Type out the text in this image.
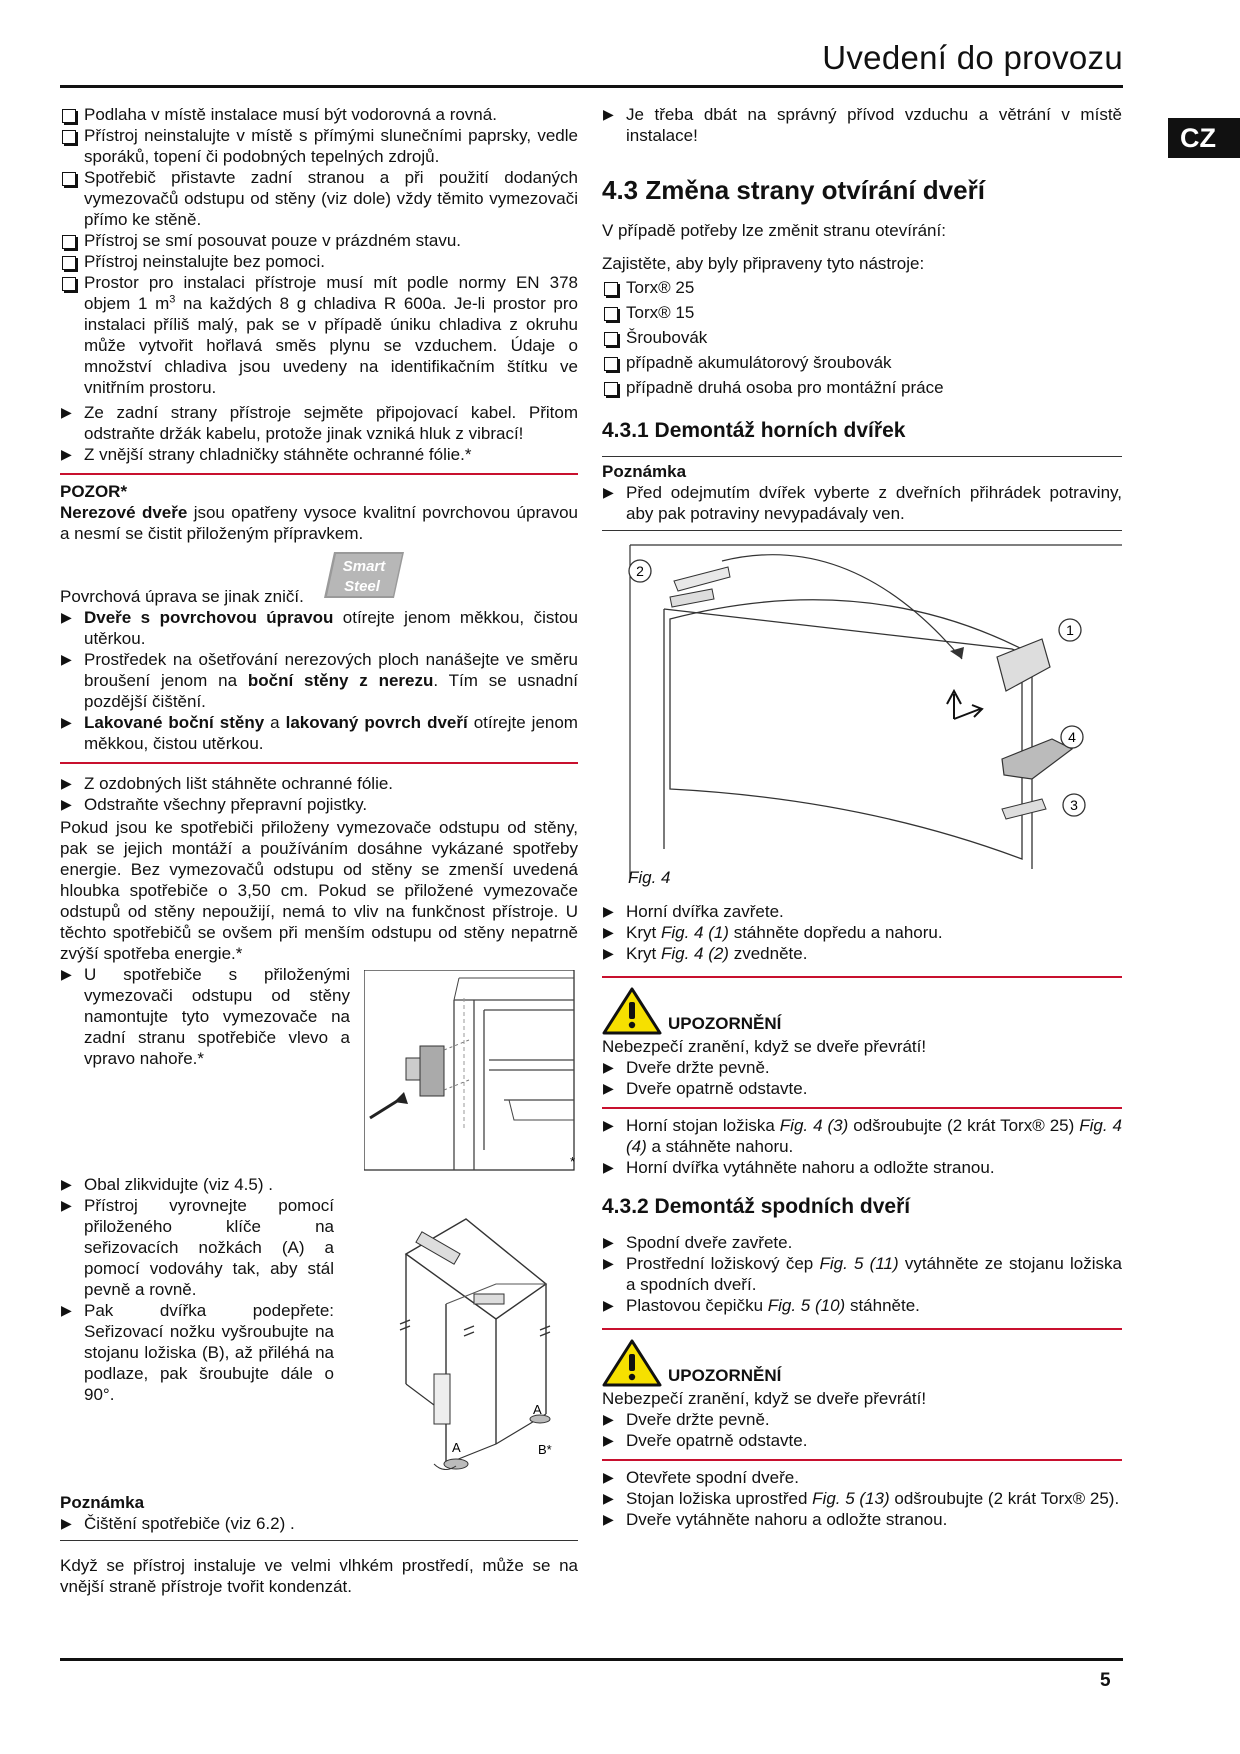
Uvedení do provozu
CZ
Podlaha v místě instalace musí být vodorovná a rovná.
Přístroj neinstalujte v místě s přímými slunečními paprsky, vedle sporáků, topení či podobných tepelných zdrojů.
Spotřebič přistavte zadní stranou a při použití dodaných vymezovačů odstupu od stěny (viz dole) vždy těmito vymezovači přímo ke stěně.
Přístroj se smí posouvat pouze v prázdném stavu.
Přístroj neinstalujte bez pomoci.
Prostor pro instalaci přístroje musí mít podle normy EN 378 objem 1 $m^3$ na každých 8 g chladiva R 600a. Je-li prostor pro instalaci příliš malý, pak se v případě úniku chladiva z okruhu může vytvořit hořlavá směs plynu se vzduchem. Údaje o množství chladiva jsou uvedeny na identifikačním štítku ve vnitřním prostoru.
▶ Ze zadní strany přístroje sejměte připojovací kabel. Přitom odstraňte držák kabelu, protože jinak vzniká hluk z vibrací!
▶ Z vnější strany chladničky stáhněte ochranné fólie.*
POZOR*

Nerezové dveře jsou opatřeny vysoce kvalitní povrchovou úpravou a nesmí se čistit přiloženým přípravkem.

Smart
Steel

Povrchová úprava se jinak zničí.

▶ Dveře s povrchovou úpravou otírejte jenom měkkou, čistou utěrkou.
▶ Prostředek na ošetřování nerezových ploch nanášejte ve směru broušení jenom na boční stěny z nerezu. Tím se usnadní pozdější čištění.
▶ Lakované boční stěny a lakovaný povrch dveří otírejte jenom měkkou, čistou utěrkou.
▶ Z ozdobných lišt stáhněte ochranné fólie.
▶ Odstraňte všechny přepravní pojistky.

Pokud jsou ke spotřebiči přiloženy vymezovače odstupu od stěny, pak se jejich montáží a používáním dosáhne vykázané spotřeby energie. Bez vymezovačů odstupu od stěny se zmenší uvedená hloubka spotřebiče o 3,50 cm. Pokud se přiložené vymezovače odstupů od stěny nepoužijí, nemá to vliv na funkčnost přístroje. U těchto spotřebičů se ovšem při menším odstupu od stěny nepatrně zvýší spotřeba energie.*

▶ U spotřebiče s přiloženými vymezovači odstupu od stěny namontujte tyto vymezovače na zadní stranu spotřebiče vlevo a vpravo nahoře.*
*
▶ Obal zlikvidujte (viz 4.5) .
▶ Přístroj vyrovnejte pomocí přiloženého klíče na seřizovacích nožkách (A) a pomocí vodováhy tak, aby stál pevně a rovně.
▶ Pak dvířka podepřete: Seřizovací nožku vyšroubujte na stojanu ložiska (B), až přiléhá na podlaze, pak šroubujte dále o 90°.
A
A
B*
Poznámka
▶ Čištění spotřebiče (viz 6.2) .

Když se přístroj instaluje ve velmi vlhkém prostředí, může se na vnější straně přístroje tvořit kondenzát.

▶ Je třeba dbát na správný přívod vzduchu a větrání v místě instalace!
4.3 Změna strany otvírání dveří

V případě potřeby lze změnit stranu otevírání:

Zajistěte, aby byly připraveny tyto nástroje:

Torx® 25
Torx® 15
Šroubovák
případně akumulátorový šroubovák
případně druhá osoba pro montážní práce
4.3.1 Demontáž horních dvířek
Poznámka
▶ Před odejmutím dvířek vyberte z dveřních přihrádek potraviny, aby pak potraviny nevypadávaly ven.
1
2
3
4
Fig. 4
▶ Horní dvířka zavřete.
▶ Kryt Fig. 4 (1) stáhněte dopředu a nahoru.
▶ Kryt Fig. 4 (2) zvedněte.
UPOZORNĚNÍ

Nebezpečí zranění, když se dveře převrátí!

▶ Dveře držte pevně.
▶ Dveře opatrně odstavte.
▶ Horní stojan ložiska Fig. 4 (3) odšroubujte (2 krát Torx® 25) Fig. 4 (4) a stáhněte nahoru.
▶ Horní dvířka vytáhněte nahoru a odložte stranou.
4.3.2 Demontáž spodních dveří
▶ Spodní dveře zavřete.
▶ Prostřední ložiskový čep Fig. 5 (11) vytáhněte ze stojanu ložiska a spodních dveří.
▶ Plastovou čepičku Fig. 5 (10) stáhněte.
UPOZORNĚNÍ

Nebezpečí zranění, když se dveře převrátí!

▶ Dveře držte pevně.
▶ Dveře opatrně odstavte.
▶ Otevřete spodní dveře.
▶ Stojan ložiska uprostřed Fig. 5 (13) odšroubujte (2 krát Torx® 25).
▶ Dveře vytáhněte nahoru a odložte stranou.
5
